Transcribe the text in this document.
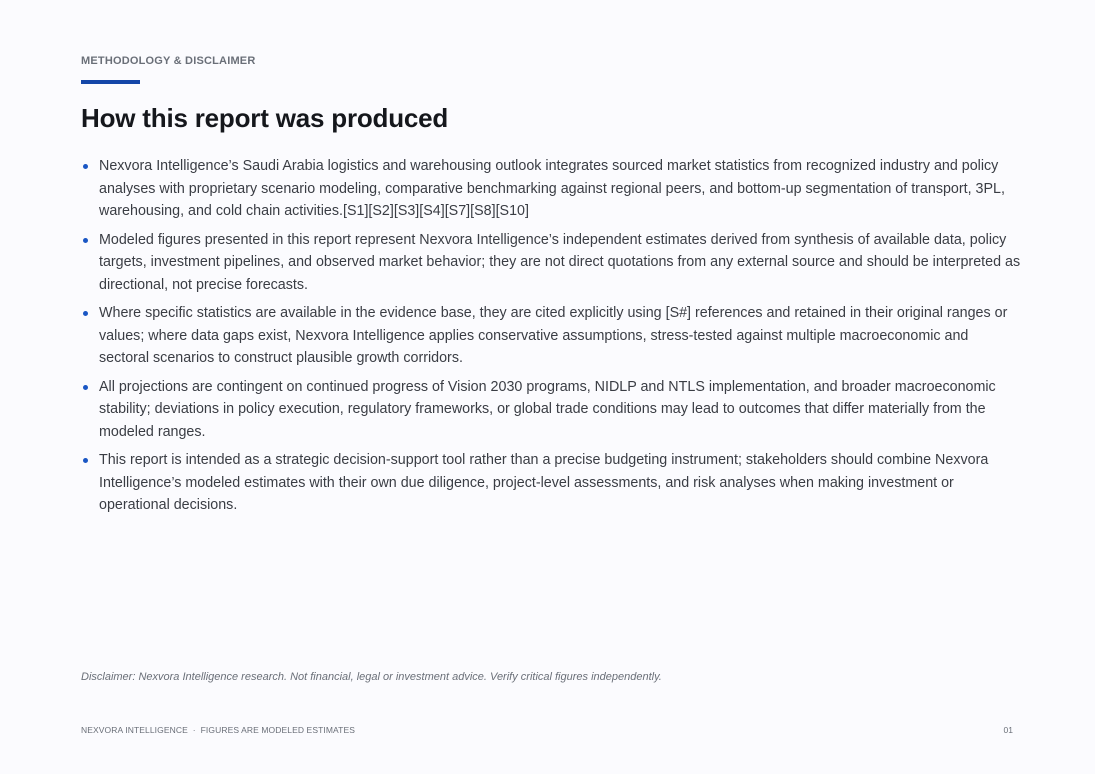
METHODOLOGY & DISCLAIMER
How this report was produced
Nexvora Intelligence’s Saudi Arabia logistics and warehousing outlook integrates sourced market statistics from recognized industry and policy analyses with proprietary scenario modeling, comparative benchmarking against regional peers, and bottom-up segmentation of transport, 3PL, warehousing, and cold chain activities.[S1][S2][S3][S4][S7][S8][S10]
Modeled figures presented in this report represent Nexvora Intelligence’s independent estimates derived from synthesis of available data, policy targets, investment pipelines, and observed market behavior; they are not direct quotations from any external source and should be interpreted as directional, not precise forecasts.
Where specific statistics are available in the evidence base, they are cited explicitly using [S#] references and retained in their original ranges or values; where data gaps exist, Nexvora Intelligence applies conservative assumptions, stress-tested against multiple macroeconomic and sectoral scenarios to construct plausible growth corridors.
All projections are contingent on continued progress of Vision 2030 programs, NIDLP and NTLS implementation, and broader macroeconomic stability; deviations in policy execution, regulatory frameworks, or global trade conditions may lead to outcomes that differ materially from the modeled ranges.
This report is intended as a strategic decision-support tool rather than a precise budgeting instrument; stakeholders should combine Nexvora Intelligence’s modeled estimates with their own due diligence, project-level assessments, and risk analyses when making investment or operational decisions.
Disclaimer: Nexvora Intelligence research. Not financial, legal or investment advice. Verify critical figures independently.
NEXVORA INTELLIGENCE  ·  FIGURES ARE MODELED ESTIMATES	01
